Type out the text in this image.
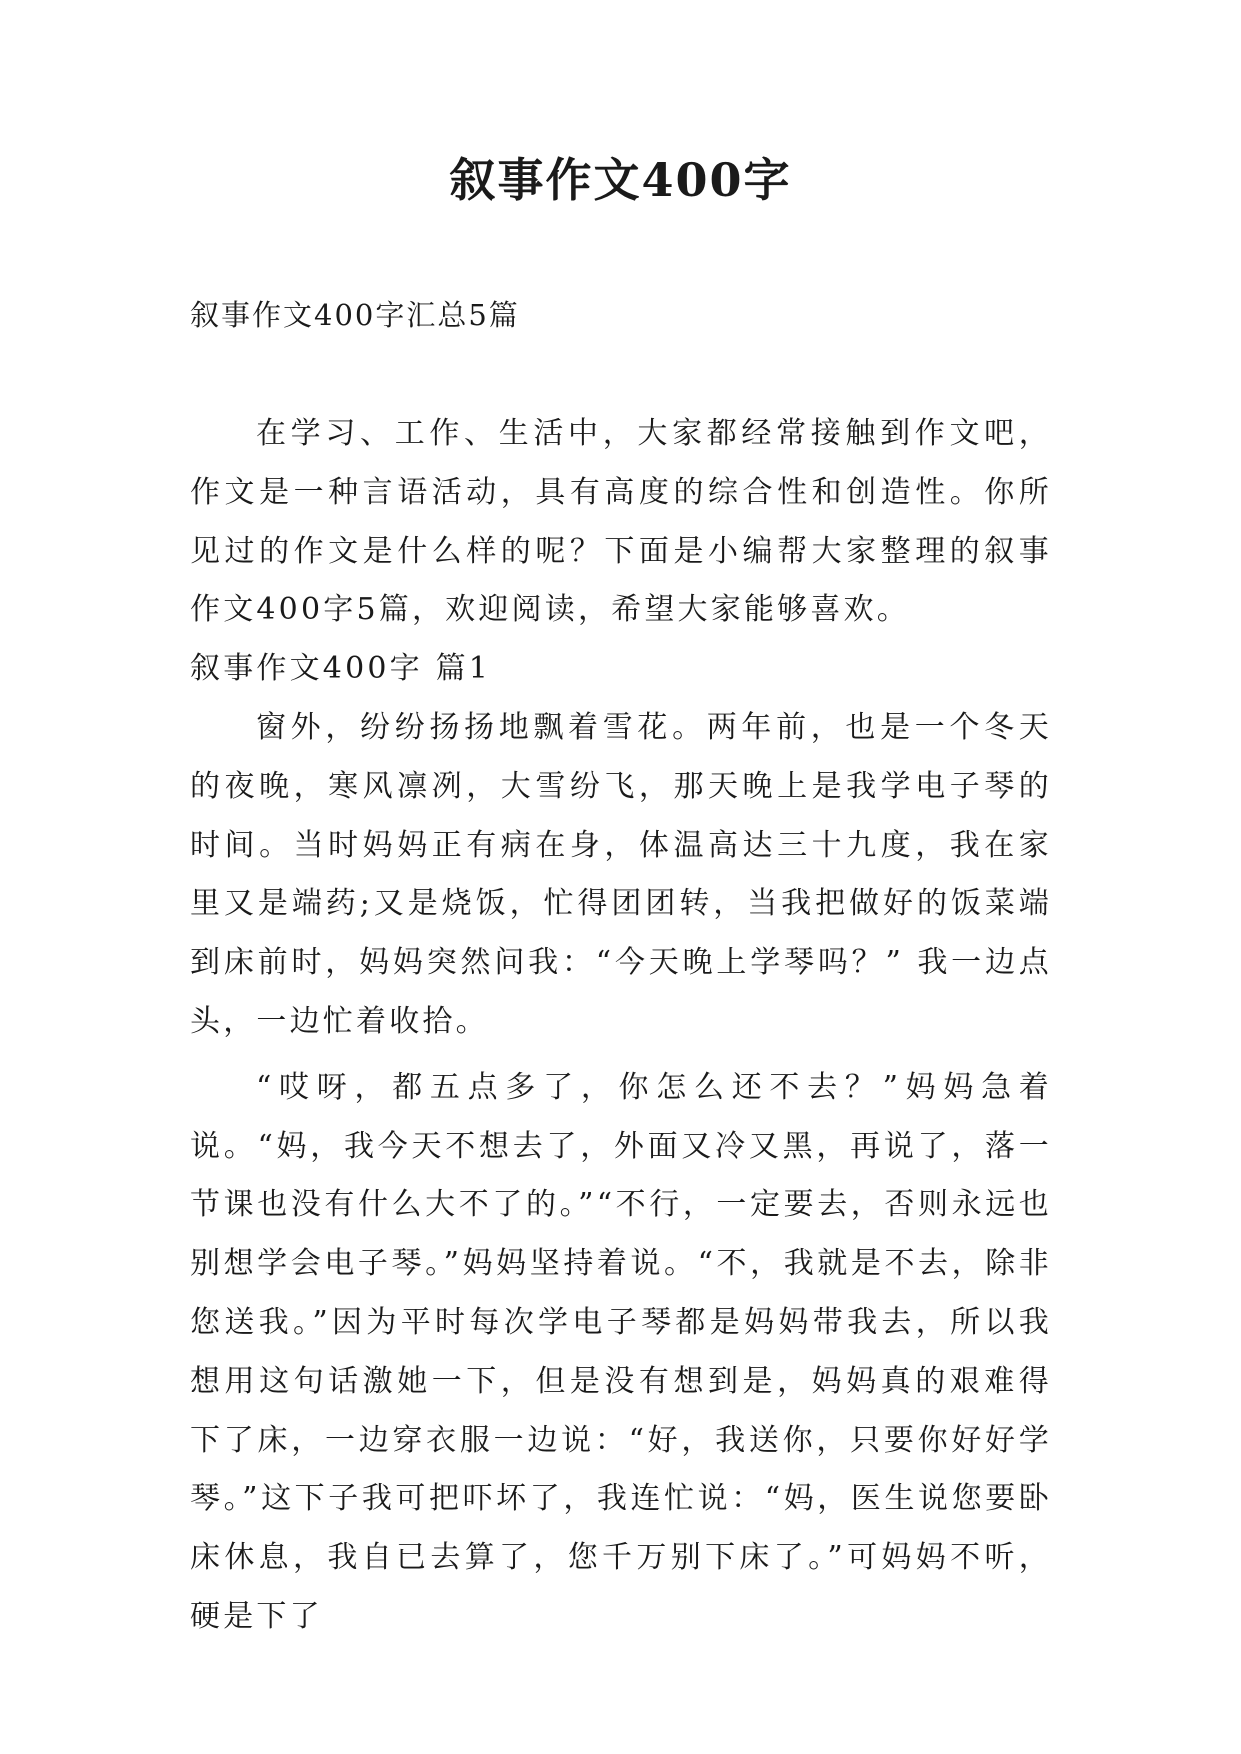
叙事作文400字
叙事作文400字汇总5篇

在学习、工作、生活中，大家都经常接触到作文吧，作文是一种言语活动，具有高度的综合性和创造性。你所见过的作文是什么样的呢？下面是小编帮大家整理的叙事作文400字5篇，欢迎阅读，希望大家能够喜欢。

叙事作文400字 篇1

窗外，纷纷扬扬地飘着雪花。两年前，也是一个冬天的夜晚，寒风凛冽，大雪纷飞，那天晚上是我学电子琴的时间。当时妈妈正有病在身，体温高达三十九度，我在家里又是端药;又是烧饭，忙得团团转，当我把做好的饭菜端到床前时，妈妈突然问我：“今天晚上学琴吗？” 我一边点头，一边忙着收拾。

“哎呀，都五点多了，你怎么还不去？”妈妈急着说。“妈，我今天不想去了，外面又冷又黑，再说了，落一节课也没有什么大不了的。”“不行，一定要去，否则永远也别想学会电子琴。”妈妈坚持着说。“不，我就是不去，除非您送我。”因为平时每次学电子琴都是妈妈带我去，所以我想用这句话激她一下，但是没有想到是，妈妈真的艰难得下了床，一边穿衣服一边说：“好，我送你，只要你好好学琴。”这下子我可把吓坏了，我连忙说：“妈，医生说您要卧床休息，我自已去算了，您千万别下床了。”可妈妈不听，硬是下了
